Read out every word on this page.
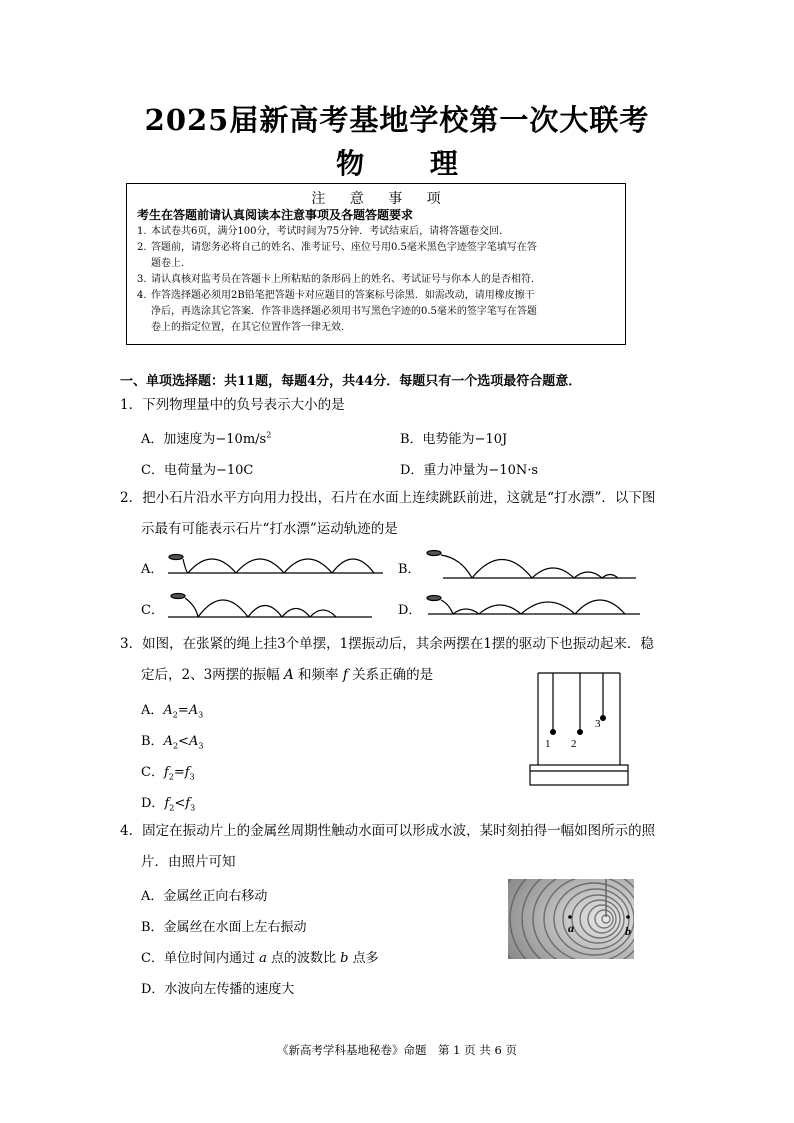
2025届新高考基地学校第一次大联考
物 理
注 意 事 项
考生在答题前请认真阅读本注意事项及各题答题要求
1. 本试卷共6页，满分100分，考试时间为75分钟．考试结束后，请将答题卷交回．
2. 答题前，请您务必将自己的姓名、准考证号、座位号用0.5毫米黑色字迹签字笔填写在答
题卷上．
3. 请认真核对监考员在答题卡上所粘贴的条形码上的姓名、考试证号与你本人的是否相符．
4. 作答选择题必须用2B铅笔把答题卡对应题目的答案标号涂黑．如需改动，请用橡皮擦干
净后，再选涂其它答案．作答非选择题必须用书写黑色字迹的0.5毫米的签字笔写在答题
卷上的指定位置，在其它位置作答一律无效．
一、单项选择题：共11题，每题4分，共44分．每题只有一个选项最符合题意．
1．下列物理量中的负号表示大小的是
A．加速度为$-10m/s^2$	B．电势能为−10J
C．电荷量为−10C	D．重力冲量为−10N·s
2．把小石片沿水平方向用力投出，石片在水面上连续跳跃前进，这就是“打水漂”．以下图
示最有可能表示石片“打水漂”运动轨迹的是
A．	B．
C．	D．
3．如图，在张紧的绳上挂3个单摆，1摆振动后，其余两摆在1摆的驱动下也振动起来．稳
定后，2、3两摆的振幅 A 和频率 f 关系正确的是
A．$A_2=A_3$
B．$A_2<A_3$
C．$f_2=f_3$
D．$f_2<f_3$
1 2
3
4．固定在振动片上的金属丝周期性触动水面可以形成水波，某时刻拍得一幅如图所示的照
片．由照片可知
A．金属丝正向右移动
B．金属丝在水面上左右振动
C．单位时间内通过 a 点的波数比 b 点多
D．水波向左传播的速度大
a	b
《新高考学科基地秘卷》命题　第 1 页 共 6 页
